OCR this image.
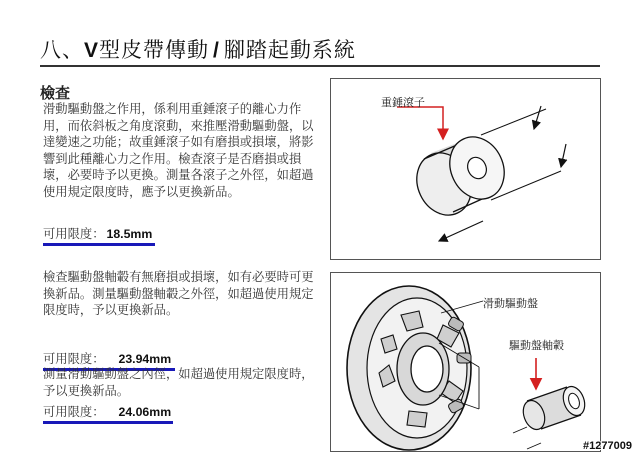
八、V型皮帶傳動 / 腳踏起動系統
檢查
滑動驅動盤之作用，係利用重錘滾子的離心力作用，而依斜板之角度滾動，來推壓滑動驅動盤，以達變速之功能；故重錘滾子如有磨損或損壞，將影響到此種離心力之作用。檢查滾子是否磨損或損壞，必要時予以更換。測量各滾子之外徑，如超過使用規定限度時，應予以更換新品。
可用限度： 18.5mm
檢查驅動盤軸轂有無磨損或損壞，如有必要時可更換新品。測量驅動盤軸轂之外徑，如超過使用規定限度時，予以更換新品。
可用限度： 23.94mm
測量滑動驅動盤之內徑，如超過使用規定限度時，予以更換新品。
可用限度： 24.06mm
重錘滾子
滑動驅動盤
驅動盤軸轂
#1277009
